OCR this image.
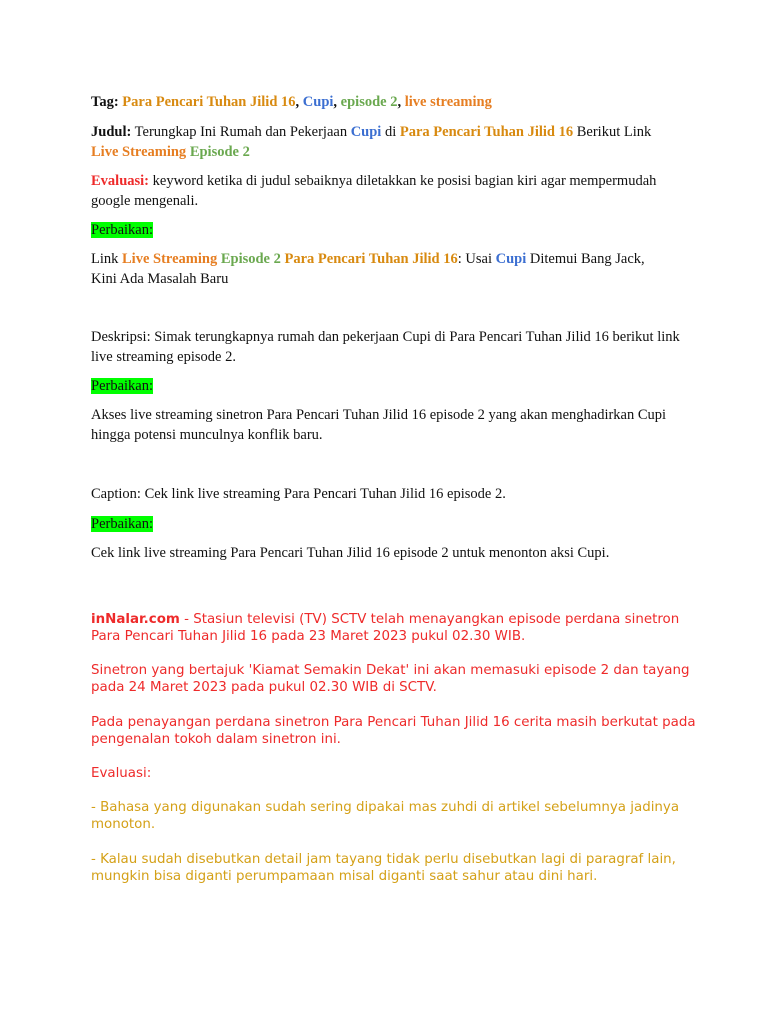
Tag: Para Pencari Tuhan Jilid 16, Cupi, episode 2, live streaming

Judul: Terungkap Ini Rumah dan Pekerjaan Cupi di Para Pencari Tuhan Jilid 16 Berikut Link
Live Streaming Episode 2

Evaluasi: keyword ketika di judul sebaiknya diletakkan ke posisi bagian kiri agar mempermudah google mengenali.

Perbaikan:

Link Live Streaming Episode 2 Para Pencari Tuhan Jilid 16: Usai Cupi Ditemui Bang Jack,
Kini Ada Masalah Baru

Deskripsi: Simak terungkapnya rumah dan pekerjaan Cupi di Para Pencari Tuhan Jilid 16 berikut link live streaming episode 2.

Perbaikan:

Akses live streaming sinetron Para Pencari Tuhan Jilid 16 episode 2 yang akan menghadirkan Cupi hingga potensi munculnya konflik baru.

Caption: Cek link live streaming Para Pencari Tuhan Jilid 16 episode 2.

Perbaikan:

Cek link live streaming Para Pencari Tuhan Jilid 16 episode 2 untuk menonton aksi Cupi.

inNalar.com - Stasiun televisi (TV) SCTV telah menayangkan episode perdana sinetron Para Pencari Tuhan Jilid 16 pada 23 Maret 2023 pukul 02.30 WIB.

Sinetron yang bertajuk 'Kiamat Semakin Dekat' ini akan memasuki episode 2 dan tayang pada 24 Maret 2023 pada pukul 02.30 WIB di SCTV.

Pada penayangan perdana sinetron Para Pencari Tuhan Jilid 16 cerita masih berkutat pada pengenalan tokoh dalam sinetron ini.

Evaluasi:

- Bahasa yang digunakan sudah sering dipakai mas zuhdi di artikel sebelumnya jadinya monoton.

- Kalau sudah disebutkan detail jam tayang tidak perlu disebutkan lagi di paragraf lain, mungkin bisa diganti perumpamaan misal diganti saat sahur atau dini hari.
